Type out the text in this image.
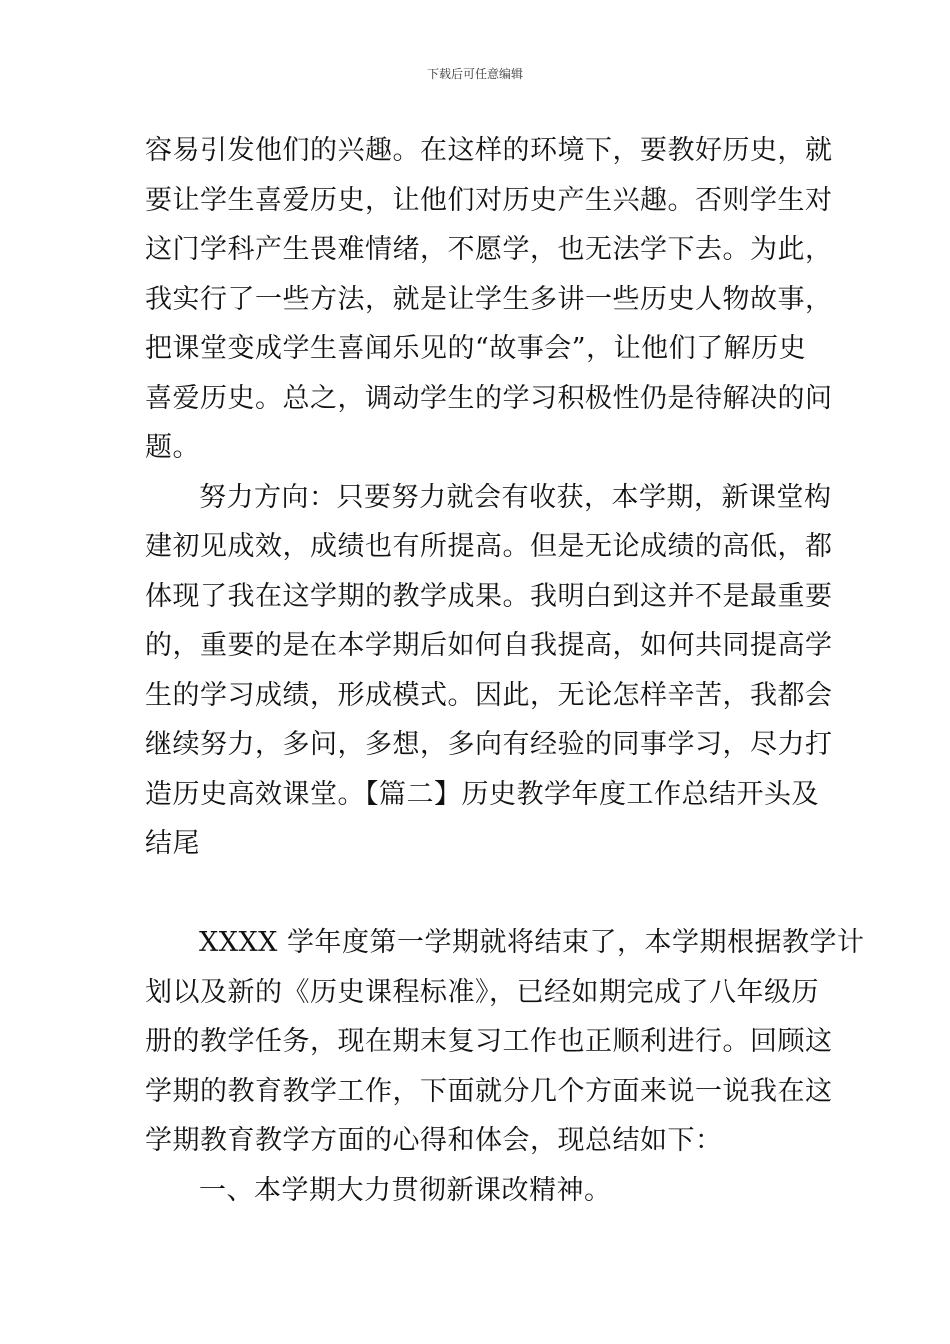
下载后可任意编辑
容易引发他们的兴趣。在这样的环境下，要教好历史，就
要让学生喜爱历史，让他们对历史产生兴趣。否则学生对
这门学科产生畏难情绪，不愿学，也无法学下去。为此，
我实行了一些方法，就是让学生多讲一些历史人物故事，
把课堂变成学生喜闻乐见的“故事会”，让他们了解历史
喜爱历史。总之，调动学生的学习积极性仍是待解决的问
题。
努力方向：只要努力就会有收获，本学期，新课堂构
建初见成效，成绩也有所提高。但是无论成绩的高低，都
体现了我在这学期的教学成果。我明白到这并不是最重要
的，重要的是在本学期后如何自我提高，如何共同提高学
生的学习成绩，形成模式。因此，无论怎样辛苦，我都会
继续努力，多问，多想，多向有经验的同事学习，尽力打
造历史高效课堂。【篇二】历史教学年度工作总结开头及
结尾
XXXX 学年度第一学期就将结束了，本学期根据教学计
划以及新的《历史课程标准》，已经如期完成了八年级历
册的教学任务，现在期末复习工作也正顺利进行。回顾这
学期的教育教学工作，下面就分几个方面来说一说我在这
学期教育教学方面的心得和体会，现总结如下：
一、本学期大力贯彻新课改精神。
